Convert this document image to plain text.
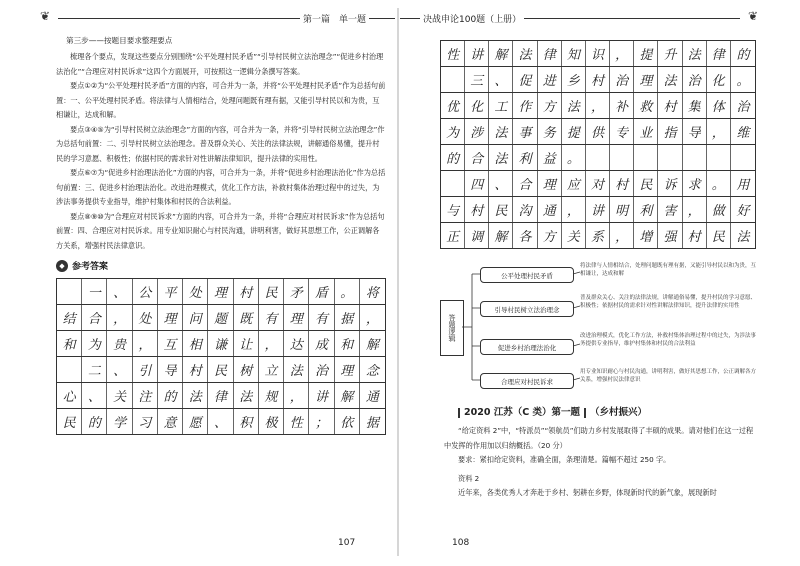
❦	第一篇　单一题	决战申论100题（上册）	❦
第三步——按题目要求整理要点

梳理各个要点，发现这些要点分别围绕“公平处理村民矛盾”“引导村民树立法治理念”“促进乡村治理法治化”“合理应对村民诉求”这四个方面展开，可按照这一逻辑分条撰写答案。

要点①②为“公平处理村民矛盾”方面的内容，可合并为一条，并将“公平处理村民矛盾”作为总括句前置：一、公平处理村民矛盾。将法律与人情相结合，处理问题既有理有据，又能引导村民以和为贵，互相谦让，达成和解。

要点③④⑤为“引导村民树立法治理念”方面的内容，可合并为一条，并将“引导村民树立法治理念”作为总括句前置：二、引导村民树立法治理念。普及群众关心、关注的法律法规，讲解通俗易懂，提升村民的学习意愿、积极性；依据村民的需求针对性讲解法律知识，提升法律的实用性。

要点⑥⑦为“促进乡村治理法治化”方面的内容，可合并为一条，并将“促进乡村治理法治化”作为总括句前置：三、促进乡村治理法治化。改进治理模式，优化工作方法，补救村集体治理过程中的过失，为涉法事务提供专业指导，维护村集体和村民的合法利益。

要点⑧⑨⑩为“合理应对村民诉求”方面的内容，可合并为一条，并将“合理应对村民诉求”作为总括句前置：四、合理应对村民诉求。用专业知识耐心与村民沟通，讲明利害，做好其思想工作，公正调解各方关系，增强村民法律意识。

◆ 参考答案
一 、 公 平 处 理 村 民 矛 盾 。 将
结 合 ， 处 理 问 题 既 有 理 有 据 ，
和 为 贵 ， 互 相 谦 让 ， 达 成 和 解
二 、 引 导 村 民 树 立 法 治 理 念
心 、 关 注 的 法 律 法 规 ， 讲 解 通
民 的 学 习 意 愿 、 积 极 性 ； 依 据
107
性 讲 解 法 律 知 识 ， 提 升 法 律 的
三 、 促 进 乡 村 治 理 法 治 化 。
优 化 工 作 方 法 ， 补 救 村 集 体 治
为 涉 法 事 务 提 供 专 业 指 导 ， 维
的 合 法 利 益 。
四 、 合 理 应 对 村 民 诉 求 。 用
与 村 民 沟 通 ， 讲 明 利 害 ， 做 好
正 调 解 各 方 关 系 ， 增 强 村 民 法
答题逻辑
公平处理村民矛盾
将法律与人情相结合，处理问题既有理有据，又能引导村民以和为贵，互相谦让，达成和解
引导村民树立法治理念
普及群众关心、关注的法律法规，讲解通俗易懂，提升村民的学习意愿、积极性；依据村民的需求针对性讲解法律知识，提升法律的实用性
促进乡村治理法治化
改进治理模式，优化工作方法，补救村集体治理过程中的过失，为涉法事务提供专业指导，维护村集体和村民的合法利益
合理应对村民诉求
用专业知识耐心与村民沟通，讲明利害，做好其思想工作，公正调解各方关系，增强村民法律意识
2020 江苏（C 类）第一题 （乡村振兴）

“给定资料 2”中，“特派员”“领航员”们助力乡村发展取得了丰硕的成果。请对他们在这一过程中发挥的作用加以归纳概括。（20 分）

要求：紧扣给定资料，准确全面，条理清楚。篇幅不超过 250 字。

资料 2

近年来，各类优秀人才奔赴于乡村、躬耕在乡野，体现新时代的新气象，展现新时

108
